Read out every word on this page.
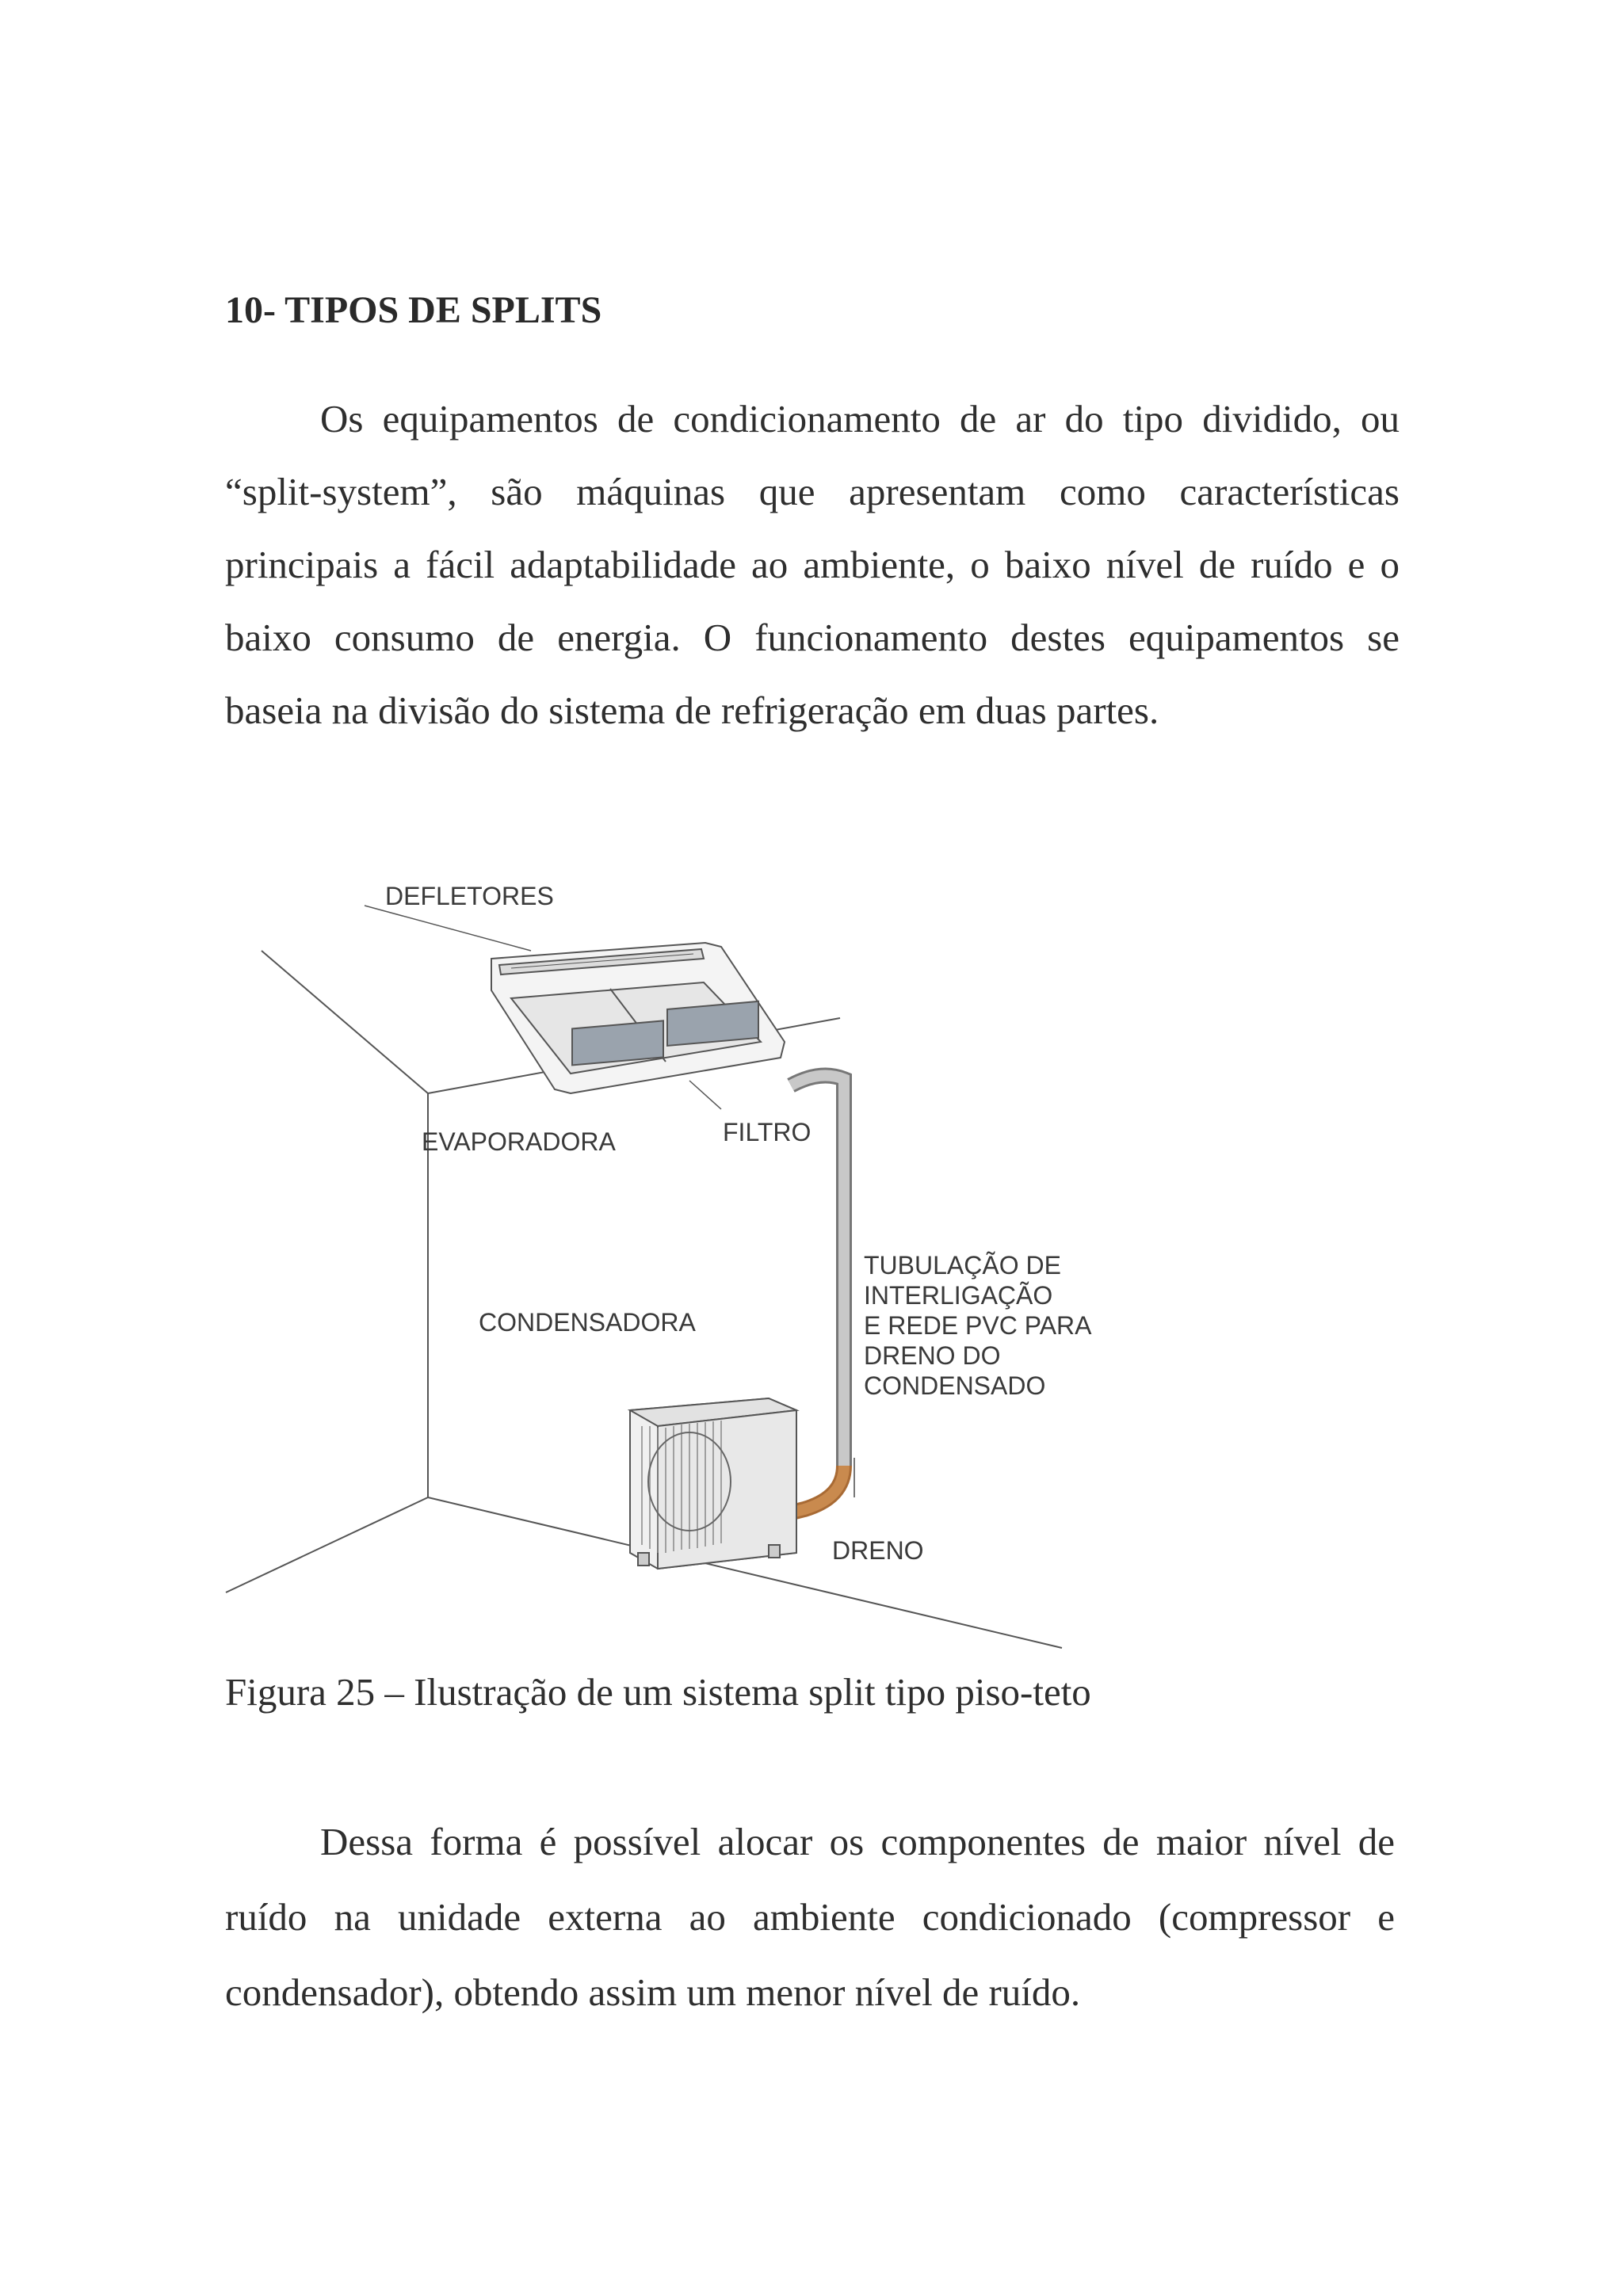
10- TIPOS DE SPLITS

Os equipamentos de condicionamento de ar do tipo dividido, ou “split-system”, são máquinas que apresentam como características principais a fácil adaptabilidade ao ambiente, o baixo nível de ruído e o baixo consumo de energia. O funcionamento destes equipamentos se baseia na divisão do sistema de refrigeração em duas partes.

DEFLETORES
EVAPORADORA	FILTRO
CONDENSADORA
TUBULAÇÃO DE
INTERLIGAÇÃO
E REDE PVC PARA
DRENO DO
CONDENSADO
DRENO

Figura 25 – Ilustração de um sistema split tipo piso-teto

Dessa forma é possível alocar os componentes de maior nível de ruído na unidade externa ao ambiente condicionado (compressor e condensador), obtendo assim um menor nível de ruído.
